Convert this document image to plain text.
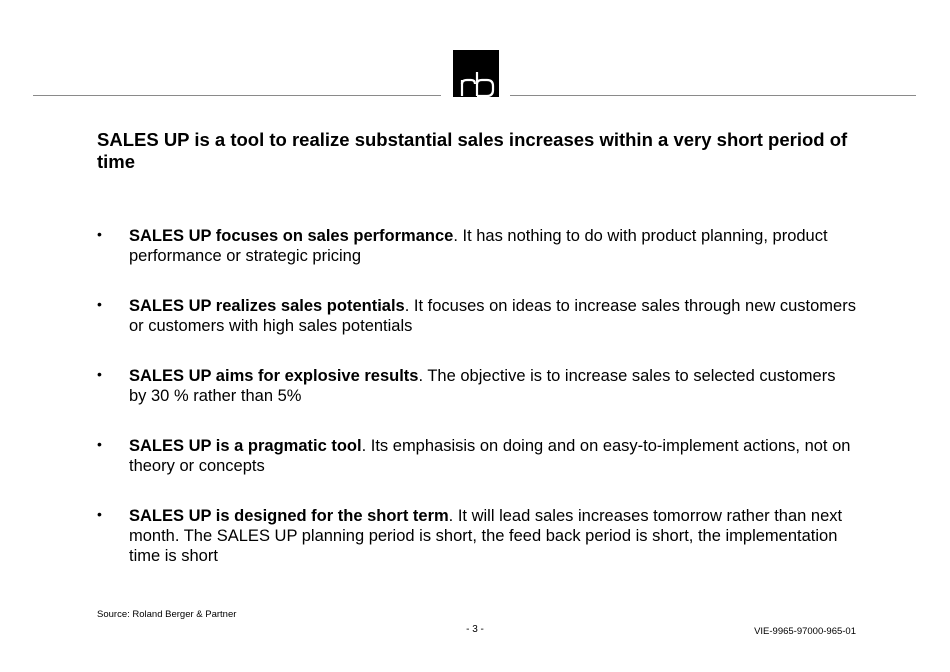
SALES UP is a tool to realize substantial sales increases within a very short period of time
• SALES UP focuses on sales performance. It has nothing to do with product planning, product performance or strategic pricing
• SALES UP realizes sales potentials. It focuses on ideas to increase sales through new customers or customers with high sales potentials
• SALES UP aims for explosive results. The objective is to increase sales to selected customers by 30 % rather than 5%
• SALES UP is a pragmatic tool. Its emphasisis on doing and on easy-to-implement actions, not on theory or concepts
• SALES UP is designed for the short term. It will lead sales increases tomorrow rather than next month. The SALES UP planning period is short, the feed back period is short, the implementation time is short
Source: Roland Berger & Partner
- 3 -	VIE-9965-97000-965-01
